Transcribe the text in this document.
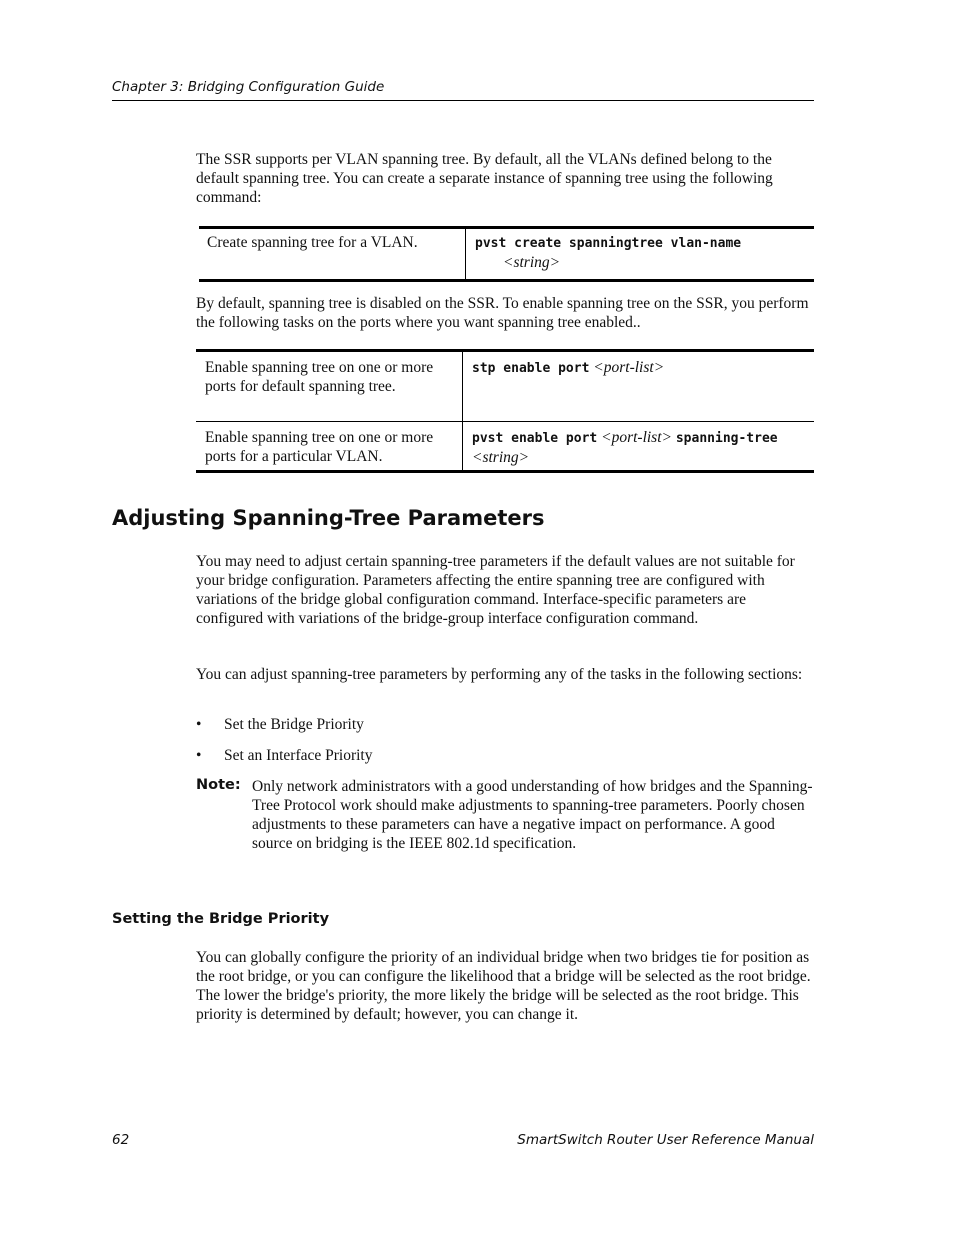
Chapter 3: Bridging Configuration Guide

The SSR supports per VLAN spanning tree. By default, all the VLANs defined belong to the default spanning tree. You can create a separate instance of spanning tree using the following command:

Create spanning tree for a VLAN.	pvst create spanningtree vlan-name
<string>

By default, spanning tree is disabled on the SSR. To enable spanning tree on the SSR, you perform the following tasks on the ports where you want spanning tree enabled..

Enable spanning tree on one or more ports for default spanning tree.	stp enable port <port-list>
Enable spanning tree on one or more ports for a particular VLAN.	pvst enable port <port-list> spanning-tree
<string>
Adjusting Spanning-Tree Parameters

You may need to adjust certain spanning-tree parameters if the default values are not suitable for your bridge configuration. Parameters affecting the entire spanning tree are configured with variations of the bridge global configuration command. Interface-specific parameters are configured with variations of the bridge-group interface configuration command.

You can adjust spanning-tree parameters by performing any of the tasks in the following sections:

• Set the Bridge Priority
• Set an Interface Priority
Note: Only network administrators with a good understanding of how bridges and the Spanning-Tree Protocol work should make adjustments to spanning-tree parameters. Poorly chosen adjustments to these parameters can have a negative impact on performance. A good source on bridging is the IEEE 802.1d specification.

Setting the Bridge Priority

You can globally configure the priority of an individual bridge when two bridges tie for position as the root bridge, or you can configure the likelihood that a bridge will be selected as the root bridge. The lower the bridge's priority, the more likely the bridge will be selected as the root bridge. This priority is determined by default; however, you can change it.

62	SmartSwitch Router User Reference Manual
